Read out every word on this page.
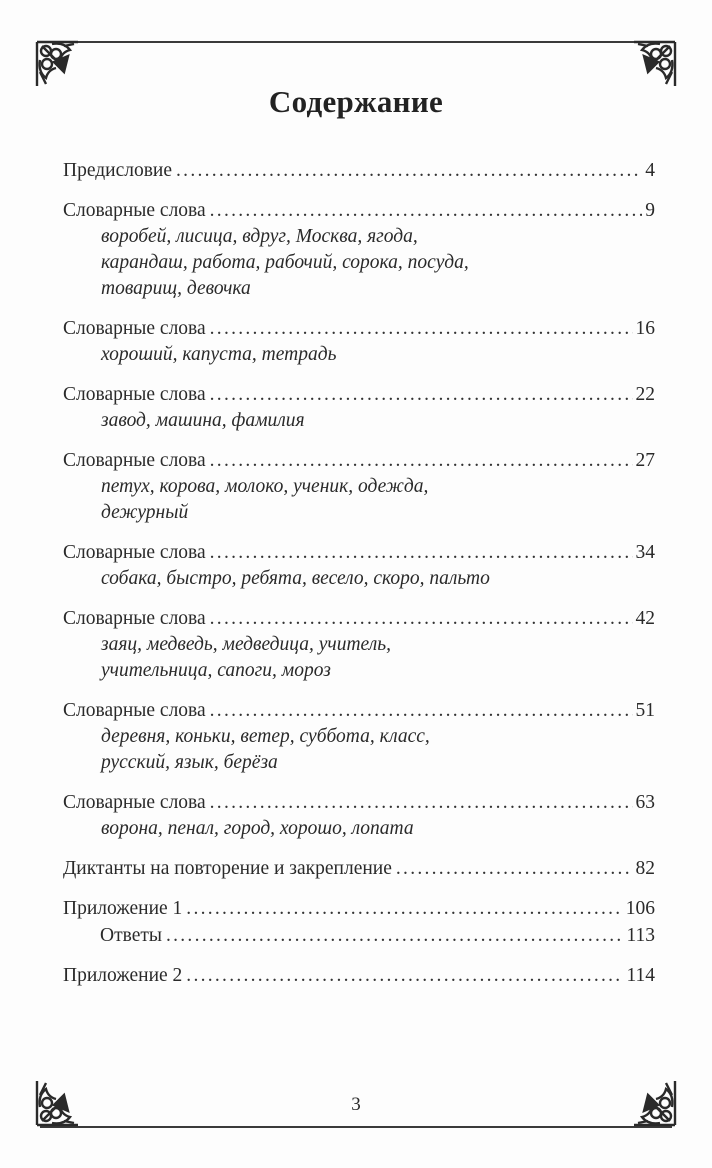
Содержание
Предисловие . . .	4
Словарные слова . . .	9
воробей, лисица, вдруг, Москва, ягода,
карандаш, работа, рабочий, сорока, посуда,
товарищ, девочка
Словарные слова . . .	16
хороший, капуста, тетрадь
Словарные слова . . .	22
завод, машина, фамилия
Словарные слова . . .	27
петух, корова, молоко, ученик, одежда,
дежурный
Словарные слова . . .	34
собака, быстро, ребята, весело, скоро, пальто
Словарные слова . . .	42
заяц, медведь, медведица, учитель,
учительница, сапоги, мороз
Словарные слова . . .	51
деревня, коньки, ветер, суббота, класс,
русский, язык, берёза
Словарные слова . . .	63
ворона, пенал, город, хорошо, лопата
Диктанты на повторение и закрепление . . .	82
Приложение 1 . . .	106
Ответы . . .	113
Приложение 2 . . .	114
3
